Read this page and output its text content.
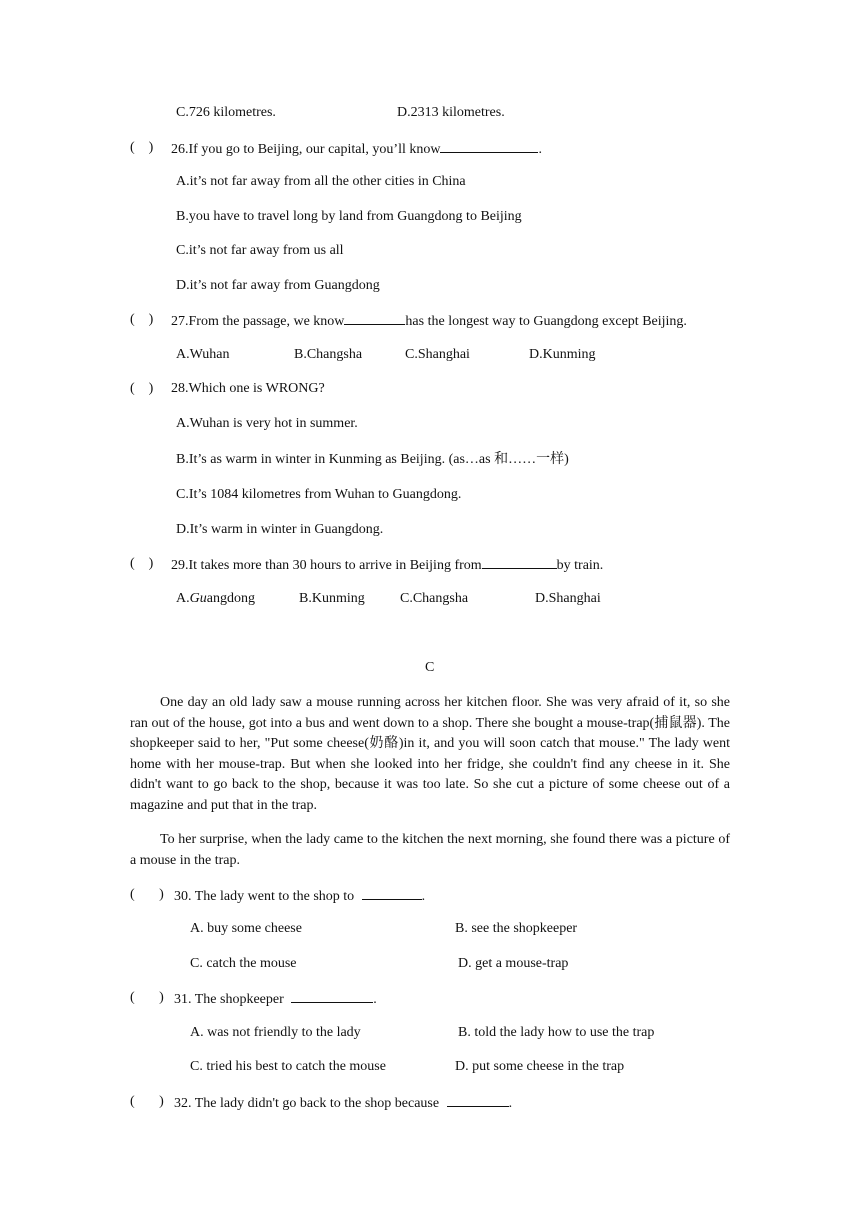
C.726 kilometres.	D.2313 kilometres.
(    ) 26.If you go to Beijing, our capital, you’ll know	.
A.it’s not far away from all the other cities in China
B.you have to travel long by land from Guangdong to Beijing
C.it’s not far away from us all
D.it’s not far away from Guangdong
(    ) 27.From the passage, we know	has the longest way to Guangdong except Beijing.
A.Wuhan	B.Changsha	C.Shanghai	D.Kunming
(    ) 28.Which one is WRONG?
A.Wuhan is very hot in summer.
B.It’s as warm in winter in Kunming as Beijing. (as…as 和……一样)
C.It’s 1084 kilometres from Wuhan to Guangdong.
D.It’s warm in winter in Guangdong.
(    ) 29.It takes more than 30 hours to arrive in Beijing from	by train.
A.Guangdong	B.Kunming	C.Changsha	D.Shanghai
C
One day an old lady saw a mouse running across her kitchen floor. She was very afraid of it, so she ran out of the house, got into a bus and went down to a shop. There she bought a mouse-trap(捕鼠器). The shopkeeper said to her, "Put some cheese(奶酪)in it, and you will soon catch that mouse." The lady went home with her mouse-trap. But when she looked into her fridge, she couldn't find any cheese in it. She didn't want to go back to the shop, because it was too late. So she cut a picture of some cheese out of a magazine and put that in the trap.
To her surprise, when the lady came to the kitchen the next morning, she found there was a picture of a mouse in the trap.
(       ) 30. The lady went to the shop to	.
A. buy some cheese	B. see the shopkeeper
C. catch the mouse	D. get a mouse-trap
(       ) 31. The shopkeeper	.
A. was not friendly to the lady	B. told the lady how to use the trap
C. tried his best to catch the mouse	D. put some cheese in the trap
(       ) 32. The lady didn't go back to the shop because	.
